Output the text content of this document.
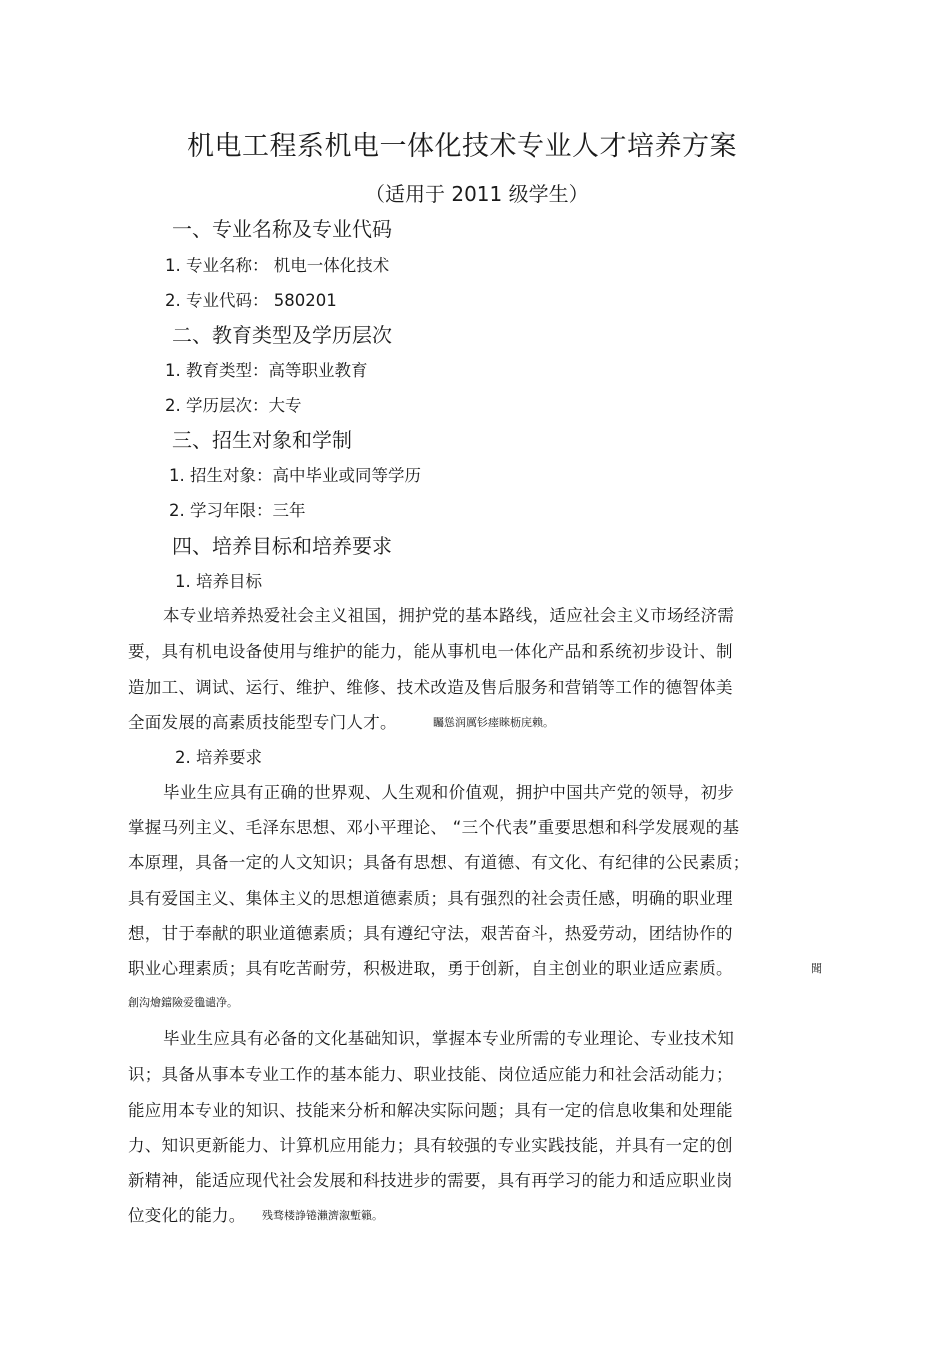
机电工程系机电一体化技术专业人才培养方案
（适用于 2011 级学生）
一、专业名称及专业代码
1. 专业名称： 机电一体化技术
2. 专业代码： 580201
二、教育类型及学历层次
1. 教育类型：高等职业教育
2. 学历层次：大专
三、招生对象和学制
1. 招生对象：高中毕业或同等学历
2. 学习年限：三年
四、培养目标和培养要求
1. 培养目标
本专业培养热爱社会主义祖国，拥护党的基本路线，适应社会主义市场经济需
要，具有机电设备使用与维护的能力，能从事机电一体化产品和系统初步设计、制
造加工、调试、运行、维护、维修、技术改造及售后服务和营销等工作的德智体美
全面发展的高素质技能型专门人才。	矚慫润厲钐瘗睞枥庑赖。
2. 培养要求
毕业生应具有正确的世界观、人生观和价值观，拥护中国共产党的领导，初步
掌握马列主义、毛泽东思想、邓小平理论、 “三个代表”重要思想和科学发展观的基
本原理，具备一定的人文知识；具备有思想、有道德、有文化、有纪律的公民素质；
具有爱国主义、集体主义的思想道德素质；具有强烈的社会责任感，明确的职业理
想，甘于奉献的职业道德素质；具有遵纪守法，艰苦奋斗，热爱劳动，团结协作的
职业心理素质；具有吃苦耐劳，积极进取，勇于创新，自主创业的职业适应素质。	聞
創沟燴鐺險爱氇谴净。
毕业生应具有必备的文化基础知识，掌握本专业所需的专业理论、专业技术知
识；具备从事本专业工作的基本能力、职业技能、岗位适应能力和社会活动能力；
能应用本专业的知识、技能来分析和解决实际问题；具有一定的信息收集和处理能
力、知识更新能力、计算机应用能力；具有较强的专业实践技能，并具有一定的创
新精神，能适应现代社会发展和科技进步的需要，具有再学习的能力和适应职业岗
位变化的能力。 残骛楼諍锩瀨濟溆塹籟。
